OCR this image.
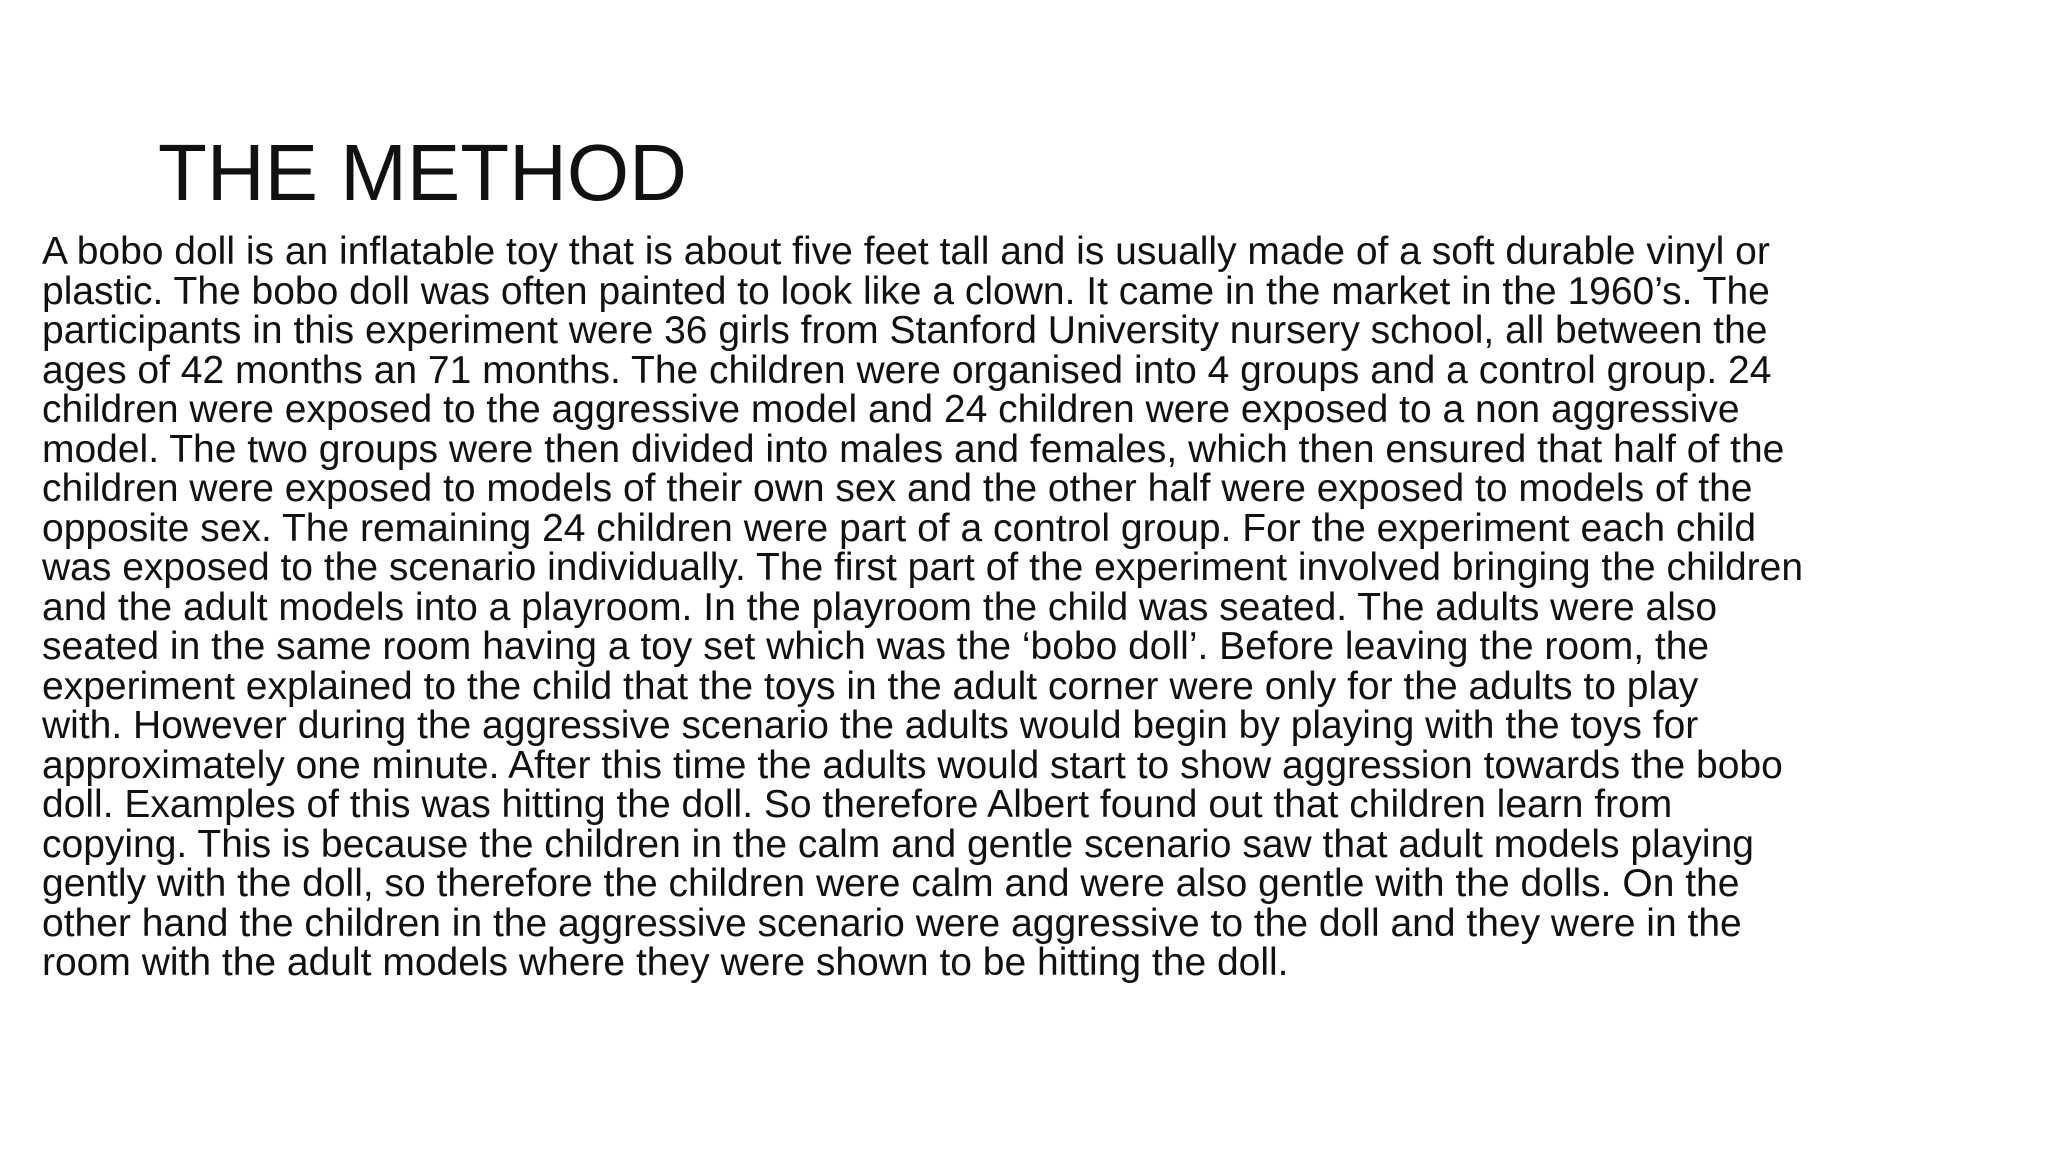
THE METHOD
A bobo doll is an inflatable toy that is about five feet tall and is usually made of a soft durable vinyl or
plastic. The bobo doll was often painted to look like a clown. It came in the market in the 1960’s. The
participants in this experiment were 36 girls from Stanford University nursery school, all between the
ages of 42 months an 71 months. The children were organised into 4 groups and a control group. 24
children were exposed to the aggressive model and 24 children were exposed to a non aggressive
model. The two groups were then divided into males and females, which then ensured that half of the
children were exposed to models of their own sex and the other half were exposed to models of the
opposite sex. The remaining 24 children were part of a control group. For the experiment each child
was exposed to the scenario individually. The first part of the experiment involved bringing the children
and the adult models into a playroom. In the playroom the child was seated. The adults were also
seated in the same room having a toy set which was the ‘bobo doll’. Before leaving the room, the
experiment explained to the child that the toys in the adult corner were only for the adults to play
with. However during the aggressive scenario the adults would begin by playing with the toys for
approximately one minute. After this time the adults would start to show aggression towards the bobo
doll. Examples of this was hitting the doll. So therefore Albert found out that children learn from
copying. This is because the children in the calm and gentle scenario saw that adult models playing
gently with the doll, so therefore the children were calm and were also gentle with the dolls. On the
other hand the children in the aggressive scenario were aggressive to the doll and they were in the
room with the adult models where they were shown to be hitting the doll.
